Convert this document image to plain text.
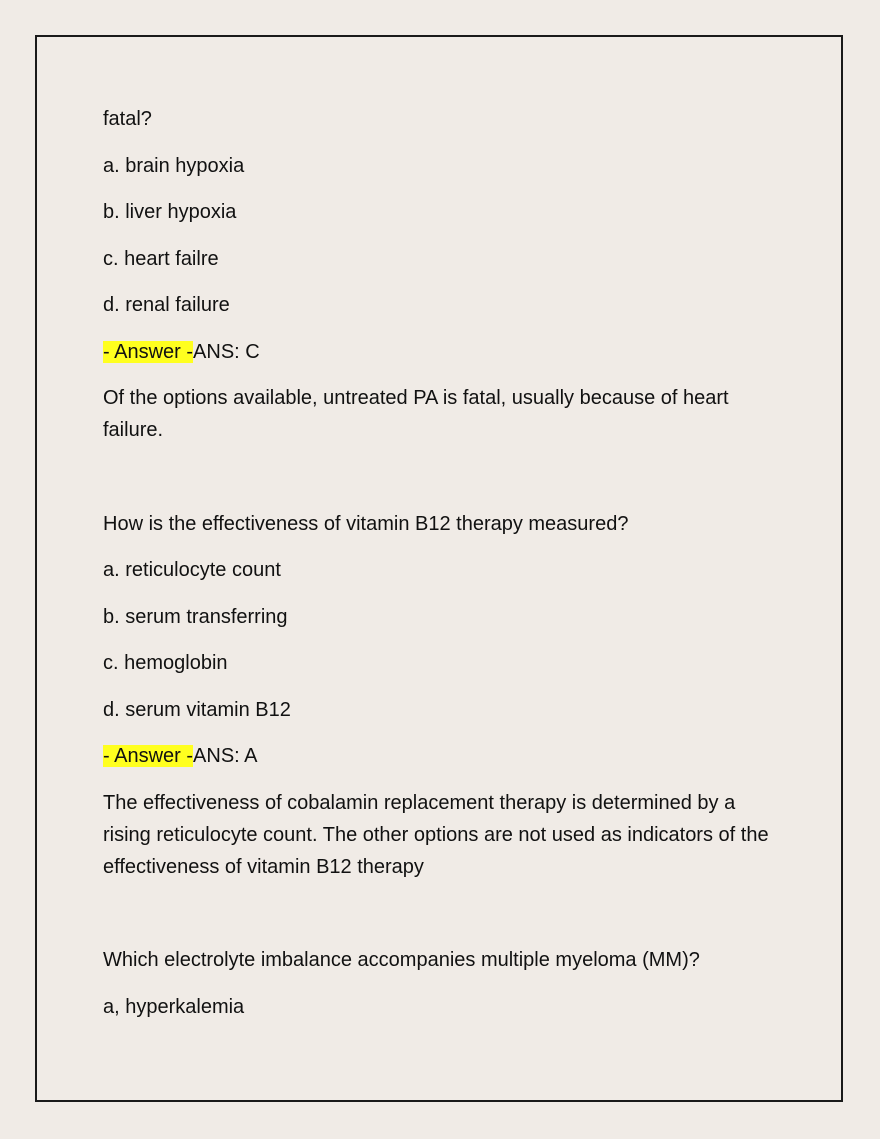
fatal?
a. brain hypoxia
b. liver hypoxia
c. heart failre
d. renal failure
- Answer -ANS: C
Of the options available, untreated PA is fatal, usually because of heart failure.
How is the effectiveness of vitamin B12 therapy measured?
a. reticulocyte count
b. serum transferring
c. hemoglobin
d. serum vitamin B12
- Answer -ANS: A
The effectiveness of cobalamin replacement therapy is determined by a rising reticulocyte count. The other options are not used as indicators of the effectiveness of vitamin B12 therapy
Which electrolyte imbalance accompanies multiple myeloma (MM)?
a, hyperkalemia
